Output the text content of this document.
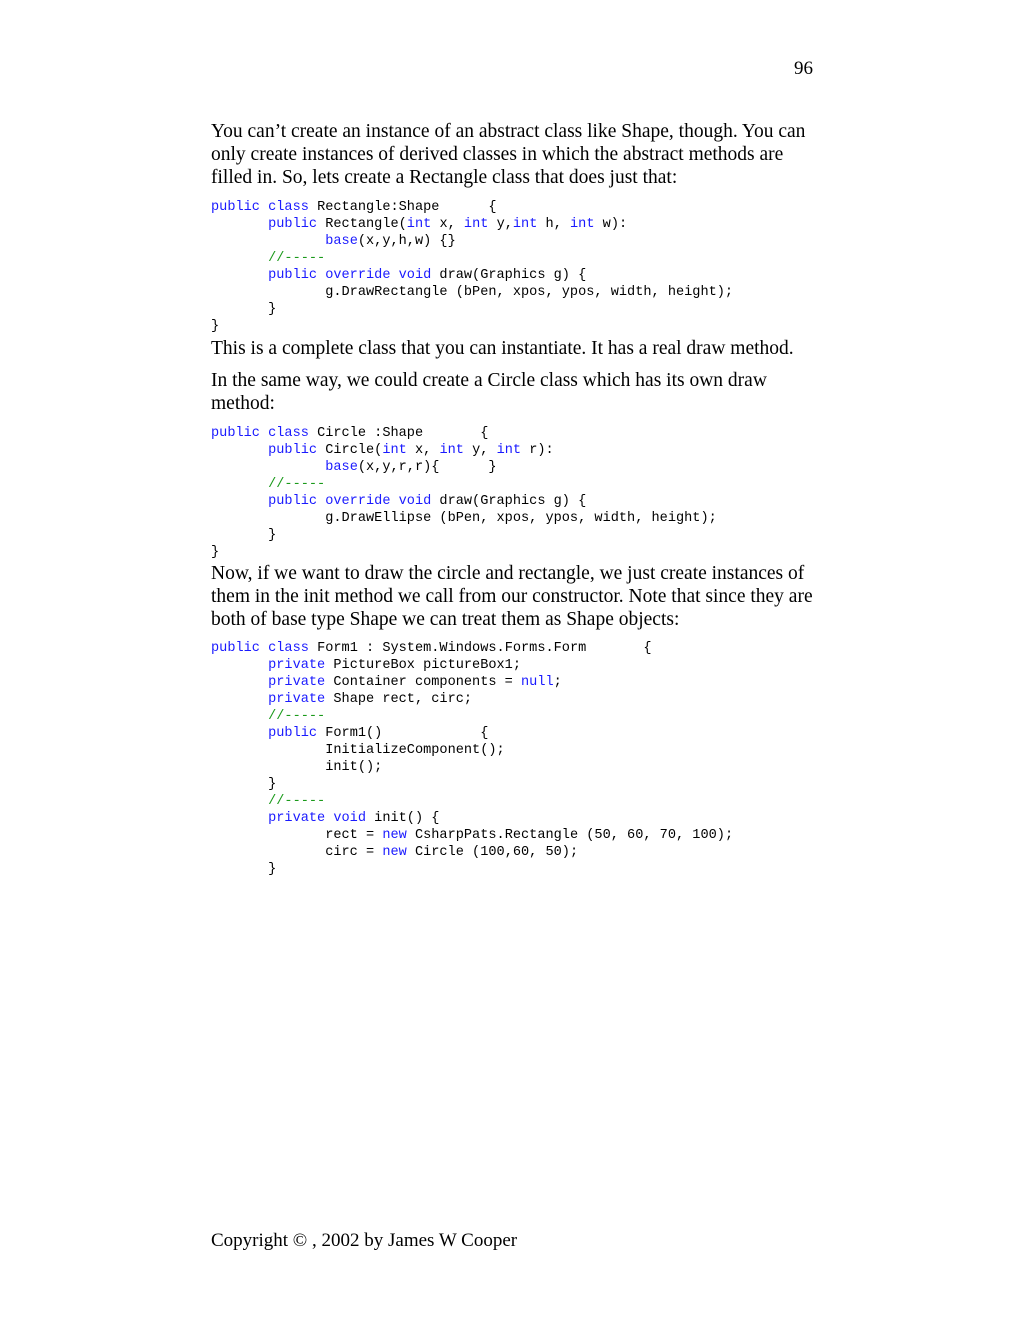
96

You can’t create an instance of an abstract class like Shape, though. You can only create instances of derived classes in which the abstract methods are filled in. So, lets create a Rectangle class that does just that:

public class Rectangle:Shape      {
public Rectangle(int x, int y,int h, int w):
base(x,y,h,w) {}
//-----
public override void draw(Graphics g) {
g.DrawRectangle (bPen, xpos, ypos, width, height);
}
}

This is a complete class that you can instantiate. It has a real draw method.

In the same way, we could create a Circle class which has its own draw method:

public class Circle :Shape       {
public Circle(int x, int y, int r):
base(x,y,r,r){      }
//-----
public override void draw(Graphics g) {
g.DrawEllipse (bPen, xpos, ypos, width, height);
}
}

Now, if we want to draw the circle and rectangle, we just create instances of them in the init method we call from our constructor. Note that since they are both of base type Shape we can treat them as Shape objects:

public class Form1 : System.Windows.Forms.Form       {
private PictureBox pictureBox1;
private Container components = null;
private Shape rect, circ;
//-----
public Form1()            {
InitializeComponent();
init();
}
//-----
private void init() {
rect = new CsharpPats.Rectangle (50, 60, 70, 100);
circ = new Circle (100,60, 50);
}
Copyright © , 2002 by James W Cooper
